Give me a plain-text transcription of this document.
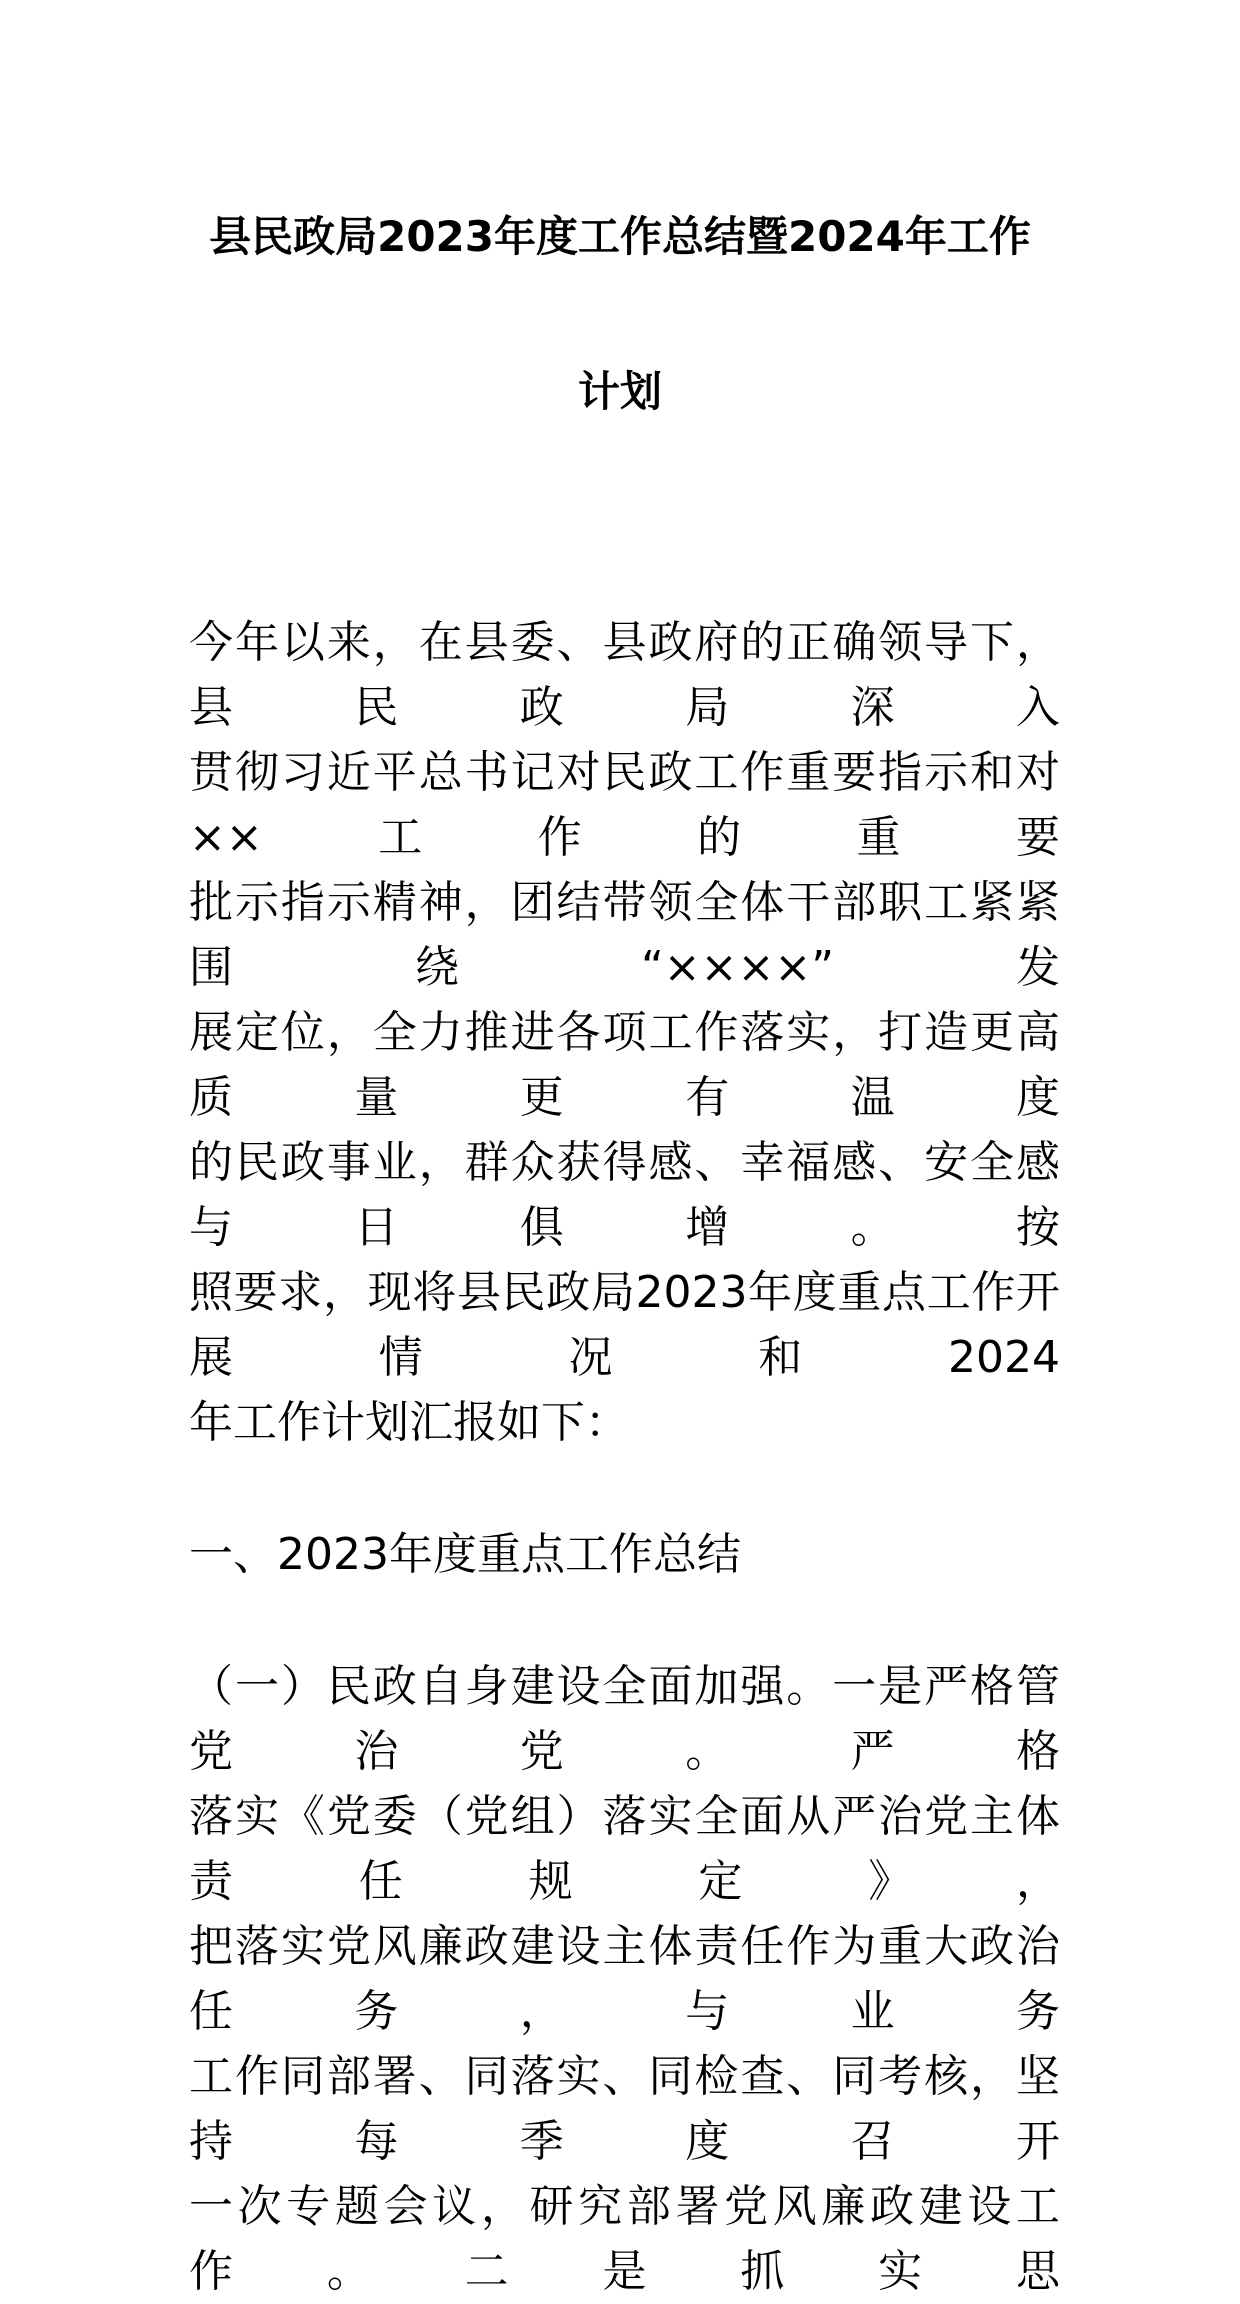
县民政局2023年度工作总结暨2024年工作
计划
今年以来，在县委、县政府的正确领导下，县民政局深入
贯彻习近平总书记对民政工作重要指示和对××工作的重要
批示指示精神，团结带领全体干部职工紧紧围绕“××××”发
展定位，全力推进各项工作落实，打造更高质量更有温度
的民政事业，群众获得感、幸福感、安全感与日俱增。按
照要求，现将县民政局2023年度重点工作开展情况和2024
年工作计划汇报如下：
一、2023年度重点工作总结
（一）民政自身建设全面加强。一是严格管党治党。严格
落实《党委（党组）落实全面从严治党主体责任规定》，
把落实党风廉政建设主体责任作为重大政治任务，与业务
工作同部署、同落实、同检查、同考核，坚持每季度召开
一次专题会议，研究部署党风廉政建设工作。二是抓实思
